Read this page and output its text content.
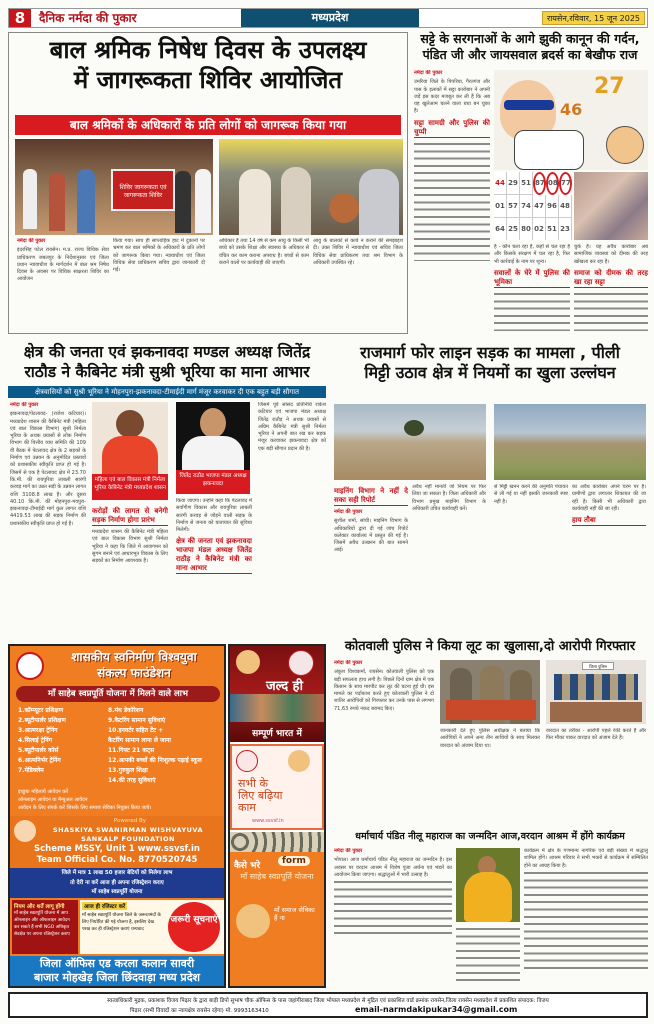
8	दैनिक नर्मदा की पुकार	मध्यप्रदेश	रायसेन,रविवार, 15 जून 2025
बाल श्रमिक निषेध दिवस के उपलक्ष्य
में जागरूकता शिविर आयोजित
बाल श्रमिकों के अधिकारों के प्रति लोगों को जागरूक किया गया
शिविर जागरूकता एवं जागरूकता शिविर
नर्मदा की पुकार
इंदरसिंह पटेल रायसेन। म.प्र. राज्य विधिक सेवा प्राधिकरण जबलपुर के निर्देशानुसार एवं जिला प्रधान न्यायाधीश के मार्गदर्शन में बाल श्रम निषेध दिवस के अवसर पर विधिक साक्षरता शिविर का आयोजन
किया गया। साथ ही साप्ताहिक हाट में दुकानों पर भ्रमण कर बाल श्रमिकों के अधिकारों के प्रति लोगों को जागरूक किया गया। न्यायाधीश एवं जिला विधिक सेवा प्राधिकरण सचिव द्वारा जानकारी दी गई।
अधिकार है तथा 14 वर्ष से कम आयु के किसी भी बच्चे को उसके शिक्षा और स्वास्थ्य के अधिकार से वंचित कर काम कराना अपराध है। बच्चों से काम कराने वालों पर कार्यवाही की जाएगी।
आयु के बालकों से कार्य न कराने की समझाइश दी। उक्त शिविर में न्यायाधीश एवं सचिव जिला विधिक सेवा प्राधिकरण तथा श्रम विभाग के अधिकारी उपस्थित रहे।
सट्टे के सरगनाओं के आगे झुकी कानून की गर्दन,
पंडित जी और जायसवाल ब्रदर्स का बेखौफ राज
नर्मदा की पुकार
उमरिया जिले के पिपरिया, गैरतगंज और पास के इलाकों में सट्टा कारोबार ने अपनी जड़ें इस कदर मजबूत कर ली हैं कि अब यह खुलेआम चलने वाला धंधा बन चुका है।
सट्टा सामग्री और पुलिस की चुप्पी
46
27
44 29 51 87 08 77
01 57 74 47 96 48
64 25 80 02 51 23
है - कौन चला रहा है, कहाँ से चल रहा है और किसके संरक्षण में चल रहा है, फिर भी कार्रवाई के नाम पर शून्य।
सवालों के घेरे में पुलिस की भूमिका
चुके हैं। यह अवैध कारोबार अब सामाजिक व्यवस्था को दीमक की तरह खोखला कर रहा है।
समाज को दीमक की तरह खा रहा सट्टा
क्षेत्र की जनता एवं झकनावदा मण्डल अध्यक्ष जितेंद्र
राठौड ने कैबिनेट मंत्री सुश्री भूरिया का माना आभार
क्षेत्रवासियों को सुश्री भूरिया ने मोहनपुरा-झकनावदा-टीमाईदी मार्ग मंजूर करवाकर दी एक बहुत बड़ी सौगात
नर्मदा की पुकार
झकनावदा/पेटलावद- (राजेश कटियार)। मध्यप्रदेश शासन की कैबिनेट मंत्री (महिला एवं बाल विकास विभाग) सुश्री निर्मला भूरिया के अथक प्रयासों से लोक निर्माण विभाग की वित्तीय व्यय समिति की 109 वीं बैठक में पेटलावद क्षेत्र के 2 सड़कों के निर्माण एवं उन्नयन के अनुमोदित प्रस्तावों को प्रशासकीय स्वीकृति प्राप्त हो गई है। जिसमें से एक है पेटलावद क्षेत्र में 23.70 कि.मी. की रायपुरिया लाबली सारंगी करवड़ मार्ग का उन्नत सड़ी के उन्नयन लागत राशि 3108.8 लाख है। और दूसरा 40.10 कि.मी. की मोहनपुरा-मवपुरा-झकनावदा-टीमाईदी मार्ग कुल लागत राशि 4419.53 लाख की सड़क निर्माण की प्रशासकीय स्वीकृति प्राप्त हो गई है।
महिला एवं बाल विकास मंत्री निर्मला भूरिया कैबिनेट मंत्री मध्यप्रदेश शासन
जितेंद्र राठौड भाजपा मंडल अध्यक्ष झकनावदा
करोड़ों की लागत से बनेगी सड़क निर्माण होगा प्रारंभ
मध्यप्रदेश शासन की कैबिनेट मंत्री महिला एवं बाल विकास विभाग सुश्री निर्मला भूरिया ने कहा कि जिले में आवागमन को सुगम बनाने एवं आधारभूत विकास के लिए सड़कों का निर्माण आवश्यक है।
किया जाएगा। उन्होंने कहा कि पेटलावद में सर्वांगीण विकास और रायपुरिया लाबली सारंगी करवड़ से जोड़ने वाली सड़क के निर्माण से जनता को यातायात की सुविधा मिलेगी।
क्षेत्र की जनता एवं झकनावदा भाजपा मंडल अध्यक्ष जितेंद्र राठौड़ ने कैबिनेट मंत्री का माना आभार
जिसमें पूर्व सांसद प्रतिनिधि राकेश कटियार एवं भाजपा मंडल अध्यक्ष जितेंद्र राठौड़ ने अथक प्रयासों से अग्रिम कैबिनेट मंत्री सुश्री निर्मला भूरिया ने अपनी बात रख कर सड़क मंजूर करवाकर झकनावदा क्षेत्र को एक बड़ी सौगात प्रदान की है।
राजमार्ग फोर लाइन सड़क का मामला , पीली
मिट्टी उठाव क्षेत्र में नियमों का खुला उल्लंघन
माइनिंग विभाग ने नहीं दे सका सही रिपोर्ट
नर्मदा की पुकार
सुशील शर्मा, सांची। माइनिंग विभाग के अधिकारियों द्वारा दी गई जांच रिपोर्ट कलेक्टर कार्यालय में प्रस्तुत की गई है। जिसमें अवैध उत्खनन की बात सामने आई।
अवैध नहीं मानती जो नियम पर फिर लिया जा सकता है। जिला अधिकारी और विभाग प्रमुख माइनिंग विभाग के अधिकारी उचित कार्यवाही करें।
से मिट्टी खनन करने की अनुमति पंचायत से ली गई या नहीं इसकी जानकारी स्पष्ट नहीं है।
का अवैध कारोबार अपने चरम पर है। ग्रामीणों द्वारा लगातार शिकायत की जा रही है। किसी भी अधिकारी द्वारा कार्यवाही नहीं की जा रही।
हाय तौबा
कोतवाली पुलिस ने किया लूट का खुलासा,दो आरोपी गिरफ्तार
नर्मदा की पुकार
अंकुश विश्वकर्मा, रायसेन। कोतवाली पुलिस को एक बड़ी सफलता हाथ लगी है। पिछले दिनों ग्राम क्षेत्र में एक किसान के साथ मारपीट कर लूट की घटना हुई थी। इस मामले का पर्दाफाश करते हुए कोतवाली पुलिस ने दो शातिर आरोपियों को गिरफ्तार कर उनके पास से लगभग 71,63 रुपये नकद बरामद किए।
जिला पुलिस
जानकारी देते हुए पुलिस अधीक्षक ने बताया कि आरोपियों ने अपने अन्य तीन साथियों के साथ मिलकर वारदात को अंजाम दिया था।
वारदात का तरीका - आरोपी पहले रेकी करते हैं और फिर मौका पाकर वारदात को अंजाम देते हैं।
धर्माचार्य पंडित नीलू महाराज का जन्मदिन आज,वरदान आश्रम में होंगे कार्यक्रम
नर्मदा की पुकार
भोपाल। आज धर्माचार्य पंडित नीलू महाराज का जन्मदिन है। इस अवसर पर वरदान आश्रम में विशेष पूजा अर्चना एवं भंडारे का आयोजन किया जाएगा। श्रद्धालुओं में भारी उत्साह है।
कार्यक्रम में क्षेत्र के गणमान्य नागरिक एवं बड़ी संख्या में श्रद्धालु शामिल होंगे। आश्रम परिवार ने सभी भक्तों से कार्यक्रम में सम्मिलित होने का आग्रह किया है।
शासकीय स्वनिर्माण विश्वयुवा
संकल्प फाउंडेशन
माँ साहेब स्वप्नपूर्ति योजना में मिलने वाले लाभ
1.कॉम्प्यूटर प्रशिक्षण
2.ब्यूटीपार्लर प्रशिक्षण
3.आत्मरक्षा ट्रेनिंग
4.सिलाई ट्रेनिंग
5.ब्यूटीपार्लर कोर्स
6.आत्मनिर्भर ट्रेनिंग
7.मेडिक्लेम
8.मंथ डेकोरेशन
9.कैटरिंग सामान सुविधाएं
10.इनवर्टर सहित टेंट +
कैटरिंग सामान लाना ले जाना
11.गिफ्ट 21 कट्स
12.आपकी बच्चों की निःशुल्क पढ़ाई स्कूल
13.गुरुकुल शिक्षा
14.की तरह सुविधाएं
इच्छुक महिलायें आवेदन करें
ऑनलाइन आवेदन या मैन्युअल आवेदन
आवेदन के लिए संपर्क करें जिसके लिए समाज सेविका नियुक्त किया जाये।
Powered By
SHASKIYA SWANIRMAN WISHVAYUVA
SANKALP FOUNDATION
Scheme MSSY, Unit 1 www.ssvsf.in
Team Official Co. No. 8770520745
जिले में मात्र 1 लाख 50 हजार बेटियों को मिलेगा लाभ
तो देरी ना करें आज ही अपना रजिस्ट्रेशन कराए
माँ साहेब स्वप्नपूर्ति योजना
नियम और शर्तें लागू होंगी
माँ साहेब स्वप्नपूर्ति योजना में आप ऑनलाइन और ऑफलाइन आवेदन कर सकते हैं सभी NGO अधिकृत सेवक्षेत्र पर अपना रजिस्ट्रेशन कराए
आज ही रजिस्टर करें
माँ साहेब स्वप्नपूर्ति योजना जिले के जरूरतमंदों के लिए निर्धारित की गई योजना है, इसलिए देख परख कर ही रजिस्ट्रेशन कराएं धन्यवाद
जरूरी सूचनाएं
जिला ऑफिस एड करला कलान सावरी
बाजार मोहखेड़ जिला छिंदवाड़ा मध्य प्रदेश
जल्द ही
सम्पूर्ण भारत में
सभी के
लिए बढ़िया
काम
www.ssvsf.in
कैसे भरे	form
माँ साहेब स्वप्नपूर्ति योजना
माँ समाज सेविका हैं ना
स्वत्वाधिकारी मुद्रक, प्रकाशक विजय पिढ़ार के द्वारा बाड़ी डिपो सुभाष चौक ऑफिस के पास जहांगीराबाद जिला भोपाल मध्यप्रदेश से मुद्रित एवं प्रकाशित वार्ड क्रमांक रायसेन,जिला रायसेन मध्यप्रदेश से प्रकाशित संपादक: विजय
पिढ़ार (सभी विवादों का न्यायक्षेत्र रायसेन रहेगा) मो. 9993163410	email-narmdakipukar34@gmail.com
